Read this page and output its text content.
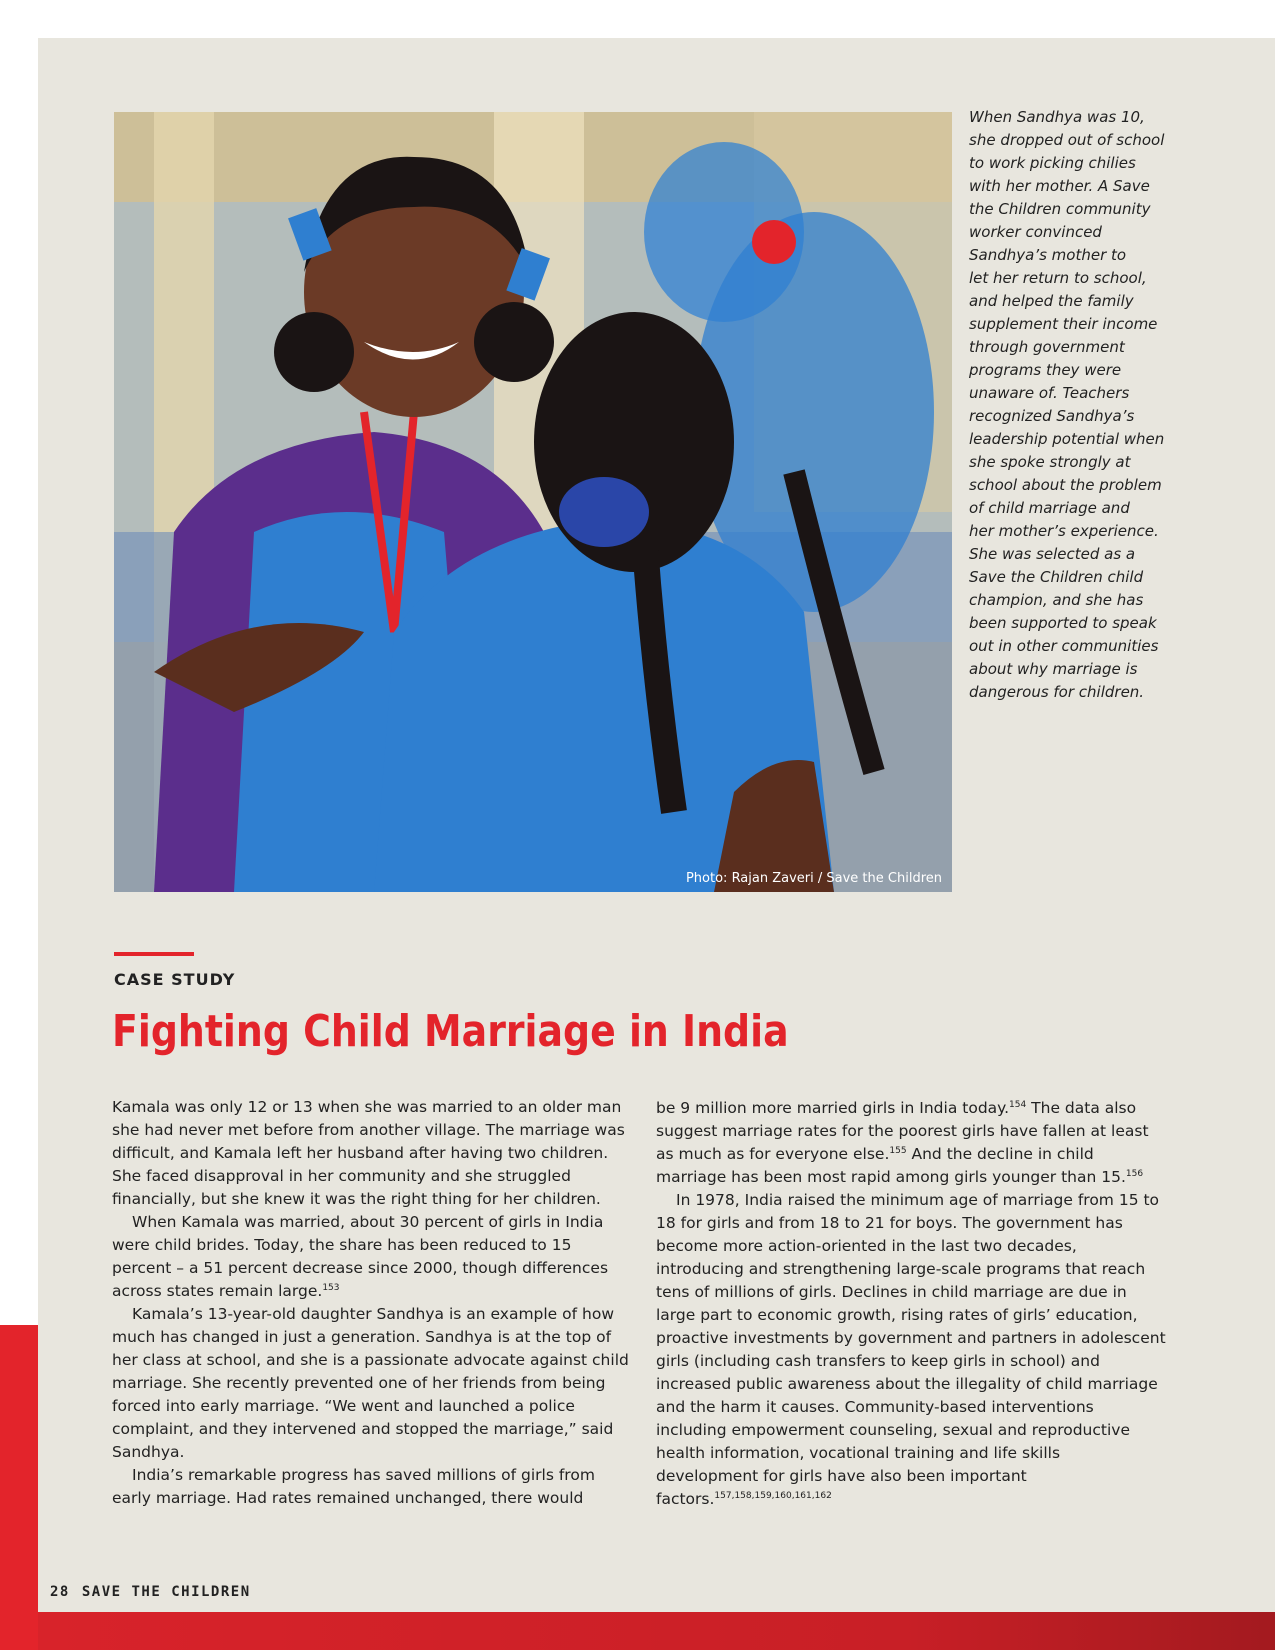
Photo: Rajan Zaveri / Save the Children
When Sandhya was 10,
she dropped out of school
to work picking chilies
with her mother. A Save
the Children community
worker convinced
Sandhya’s mother to
let her return to school,
and helped the family
supplement their income
through government
programs they were
unaware of. Teachers
recognized Sandhya’s
leadership potential when
she spoke strongly at
school about the problem
of child marriage and
her mother’s experience.
She was selected as a
Save the Children child
champion, and she has
been supported to speak
out in other communities
about why marriage is
dangerous for children.
CASE STUDY
Fighting Child Marriage in India

Kamala was only 12 or 13 when she was married to an older man she had never met before from another village. The marriage was difficult, and Kamala left her husband after having two children. She faced disapproval in her community and she struggled financially, but she knew it was the right thing for her children.

When Kamala was married, about 30 percent of girls in India were child brides. Today, the share has been reduced to 15 percent – a 51 percent decrease since 2000, though differences across states remain large.$^{153}$

Kamala’s 13-year-old daughter Sandhya is an example of how much has changed in just a generation. Sandhya is at the top of her class at school, and she is a passionate advocate against child marriage. She recently prevented one of her friends from being forced into early marriage. “We went and launched a police complaint, and they intervened and stopped the marriage,” said Sandhya.

India’s remarkable progress has saved millions of girls from early marriage. Had rates remained unchanged, there would

be 9 million more married girls in India today.$^{154}$ The data also suggest marriage rates for the poorest girls have fallen at least as much as for everyone else.$^{155}$ And the decline in child marriage has been most rapid among girls younger than 15.$^{156}$

In 1978, India raised the minimum age of marriage from 15 to 18 for girls and from 18 to 21 for boys. The government has become more action-oriented in the last two decades, introducing and strengthening large-scale programs that reach tens of millions of girls. Declines in child marriage are due in large part to economic growth, rising rates of girls’ education, proactive investments by government and partners in adolescent girls (including cash transfers to keep girls in school) and increased public awareness about the illegality of child marriage and the harm it causes. Community-based interventions including empowerment counseling, sexual and reproductive health information, vocational training and life skills development for girls have also been important factors.$^{157,158,159,160,161,162}$

28 SAVE THE CHILDREN
